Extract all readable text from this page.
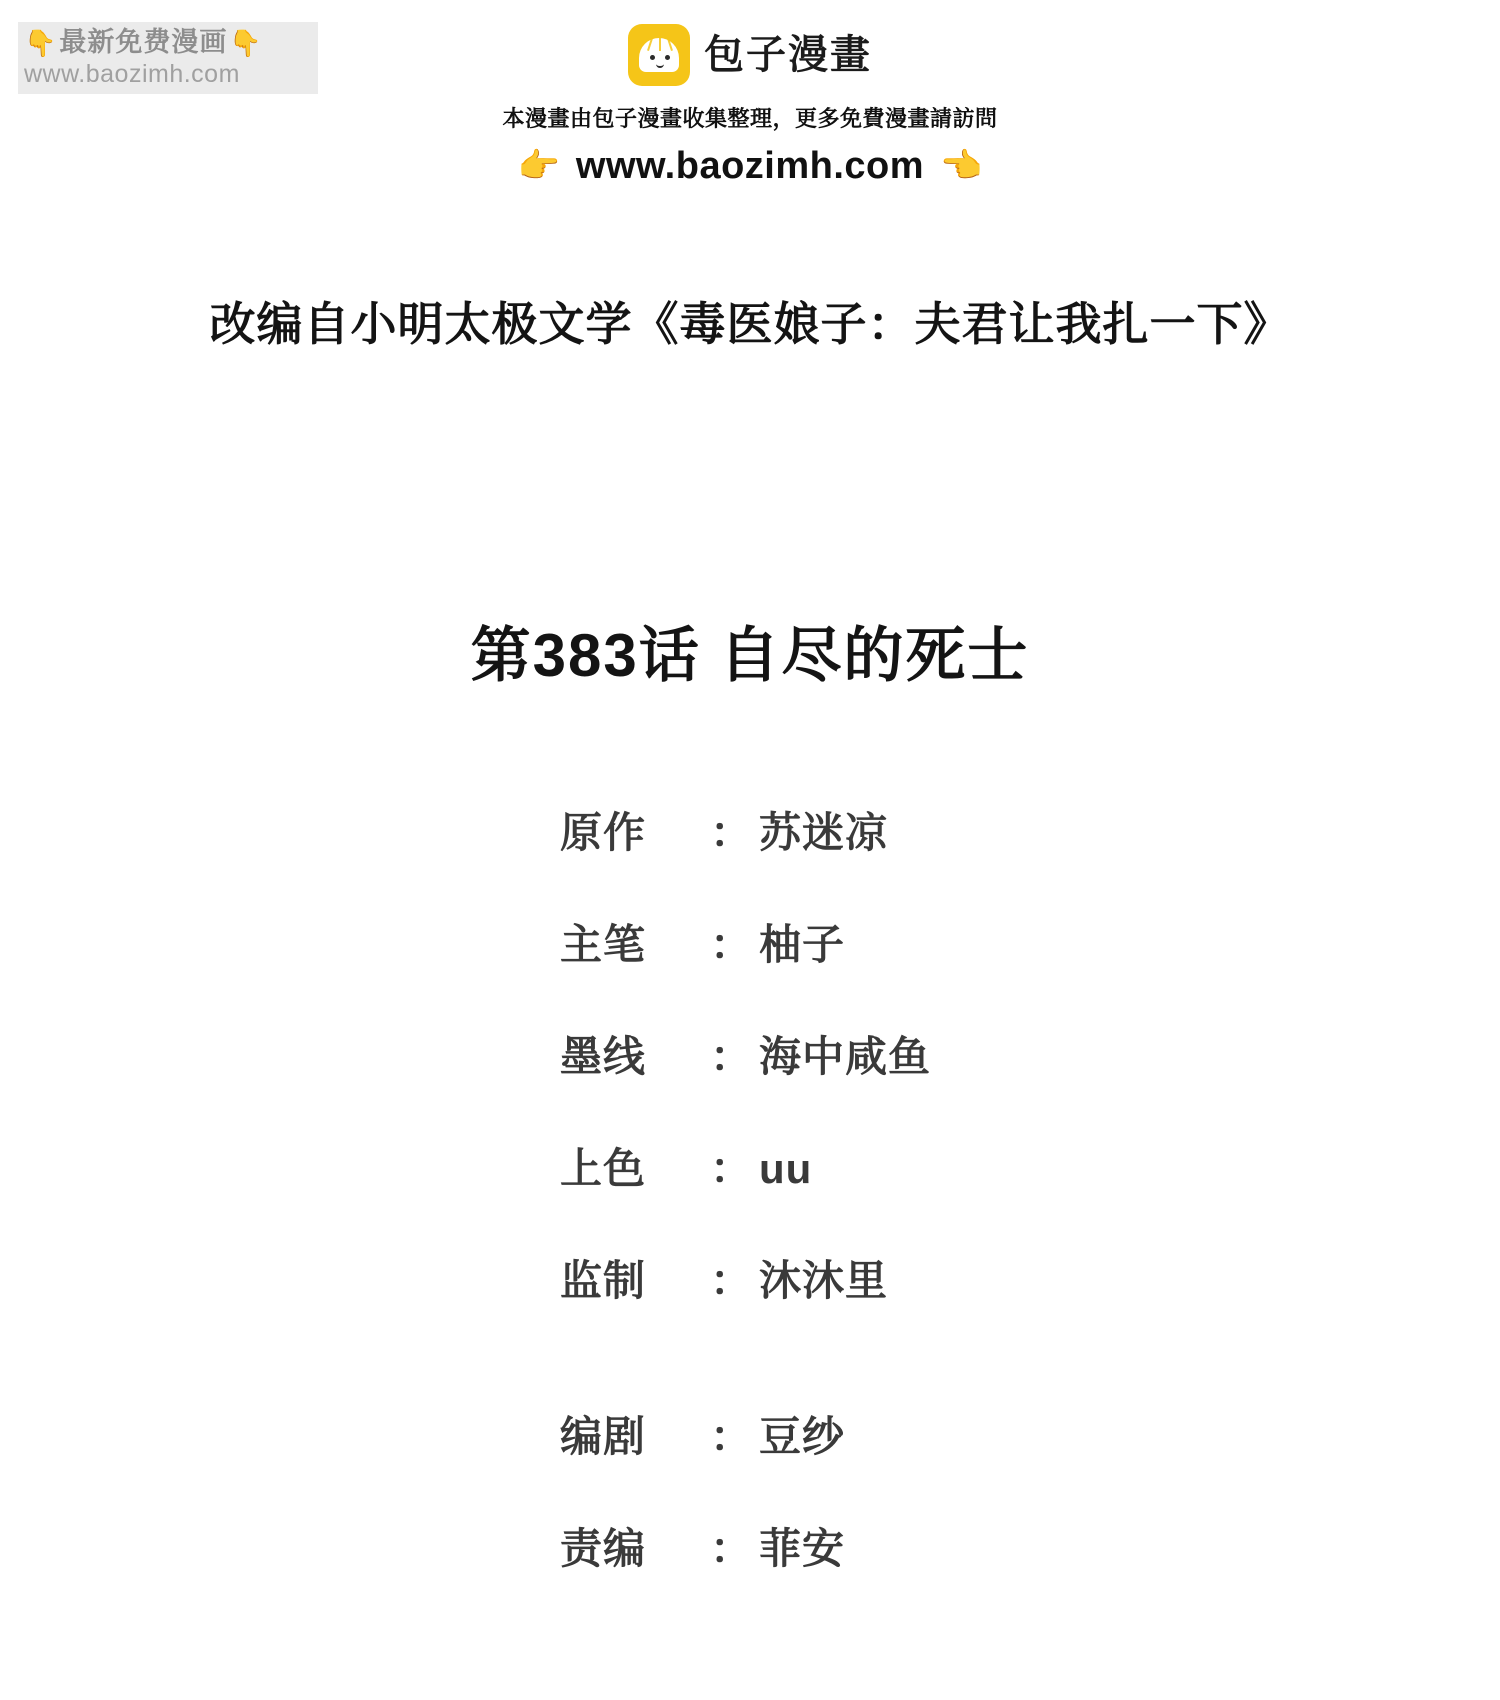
👇 最新免费漫画 👇
www.baozimh.com	包子漫畫
本漫畫由包子漫畫收集整理，更多免費漫畫請訪問
👉 www.baozimh.com 👈
改编自小明太极文学《毒医娘子：夫君让我扎一下》
第383话 自尽的死士
原作	： 苏迷凉
主笔	： 柚子
墨线	： 海中咸鱼
上色	： uu
监制	： 沐沐里
编剧	： 豆纱
责编	： 菲安
